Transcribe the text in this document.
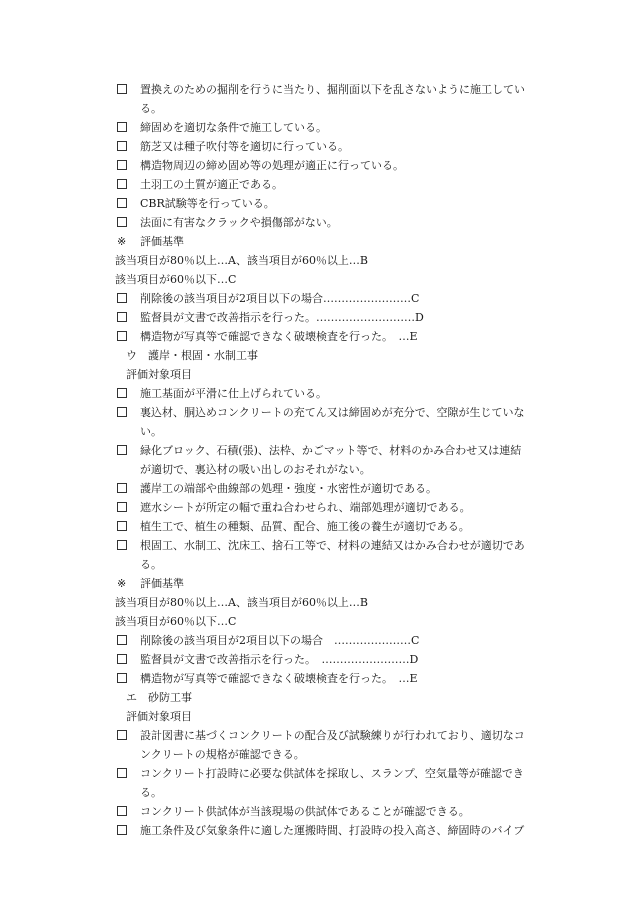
置換えのための掘削を行うに当たり、掘削面以下を乱さないように施工してい
る。
締固めを適切な条件で施工している。
筋芝又は種子吹付等を適切に行っている。
構造物周辺の締め固め等の処理が適正に行っている。
土羽工の土質が適正である。
CBR試験等を行っている。
法面に有害なクラックや損傷部がない。
※ 評価基準
該当項目が80％以上…A、該当項目が60％以上…B
該当項目が60％以下…C
削除後の該当項目が2項目以下の場合……………………C
監督員が文書で改善指示を行った。………………………D
構造物が写真等で確認できなく破壊検査を行った。　…E
ウ　護岸・根固・水制工事
評価対象項目
施工基面が平滑に仕上げられている。
裏込材、胴込めコンクリートの充てん又は締固めが充分で、空隙が生じていな
い。
緑化ブロック、石積(張)、法枠、かごマット等で、材料のかみ合わせ又は連結
が適切で、裏込材の吸い出しのおそれがない。
護岸工の端部や曲線部の処理・強度・水密性が適切である。
遮水シートが所定の幅で重ね合わせられ、端部処理が適切である。
植生工で、植生の種類、品質、配合、施工後の養生が適切である。
根固工、水制工、沈床工、捨石工等で、材料の連結又はかみ合わせが適切であ
る。
※ 評価基準
該当項目が80％以上…A、該当項目が60％以上…B
該当項目が60％以下…C
削除後の該当項目が2項目以下の場合　…………………C
監督員が文書で改善指示を行った。　……………………D
構造物が写真等で確認できなく破壊検査を行った。　…E
エ　砂防工事
評価対象項目
設計図書に基づくコンクリートの配合及び試験練りが行われており、適切なコ
ンクリートの規格が確認できる。
コンクリート打設時に必要な供試体を採取し、スランプ、空気量等が確認でき
る。
コンクリート供試体が当該現場の供試体であることが確認できる。
施工条件及び気象条件に適した運搬時間、打設時の投入高さ、締固時のバイブ
